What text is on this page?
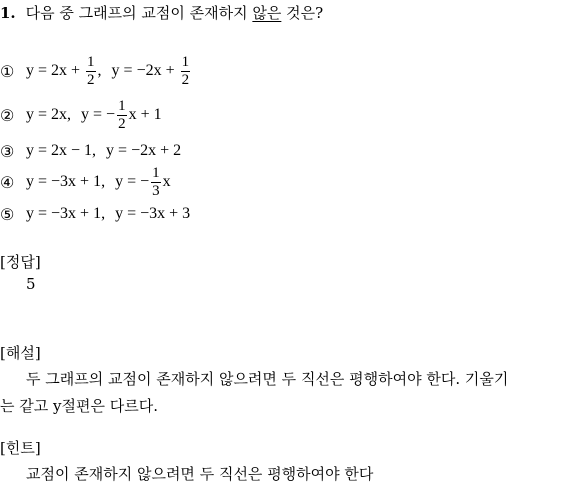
1. 다음 중 그래프의 교점이 존재하지 않은 것은?
① $y = 2x + \frac{1}{2}$ , $y = -2x + \frac{1}{2}$
② y = 2x, y = − $\frac{1}{2}$ x + 1
③ y = 2x − 1, y = −2x + 2
④ y = −3x + 1, y = − $\frac{1}{3}$ x
⑤ y = −3x + 1, y = −3x + 3
[정답]
5
[해설]
두 그래프의 교점이 존재하지 않으려면 두 직선은 평행하여야 한다. 기울기
는 같고 y절편은 다르다.
[힌트]
교점이 존재하지 않으려면 두 직선은 평행하여야 한다
